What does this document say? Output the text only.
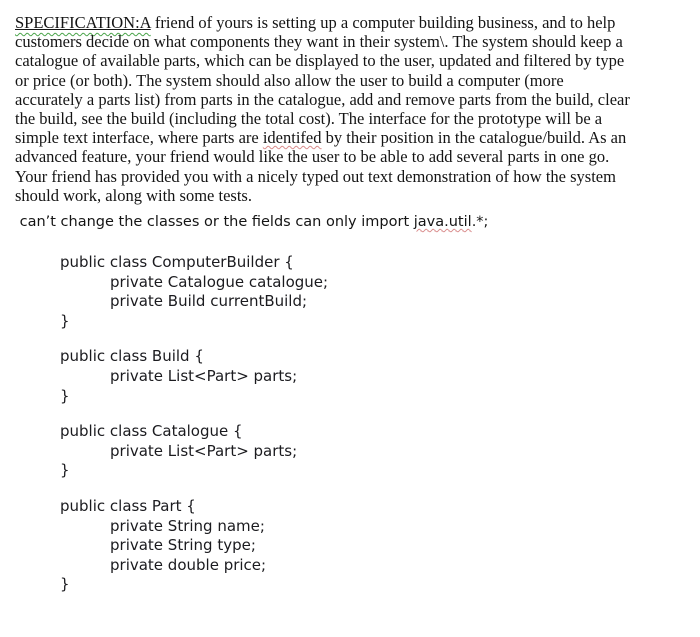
SPECIFICATION:A friend of yours is setting up a computer building business, and to help
customers decide on what components they want in their system\. The system should keep a
catalogue of available parts, which can be displayed to the user, updated and filtered by type
or price (or both). The system should also allow the user to build a computer (more
accurately a parts list) from parts in the catalogue, add and remove parts from the build, clear
the build, see the build (including the total cost). The interface for the prototype will be a
simple text interface, where parts are identifed by their position in the catalogue/build. As an
advanced feature, your friend would like the user to be able to add several parts in one go.
Your friend has provided you with a nicely typed out text demonstration of how the system
should work, along with some tests.
can’t change the classes or the fields can only import java.util.*;
public class ComputerBuilder {
private Catalogue catalogue;
private Build currentBuild;
}
public class Build {
private List<Part> parts;
}
public class Catalogue {
private List<Part> parts;
}
public class Part {
private String name;
private String type;
private double price;
}
